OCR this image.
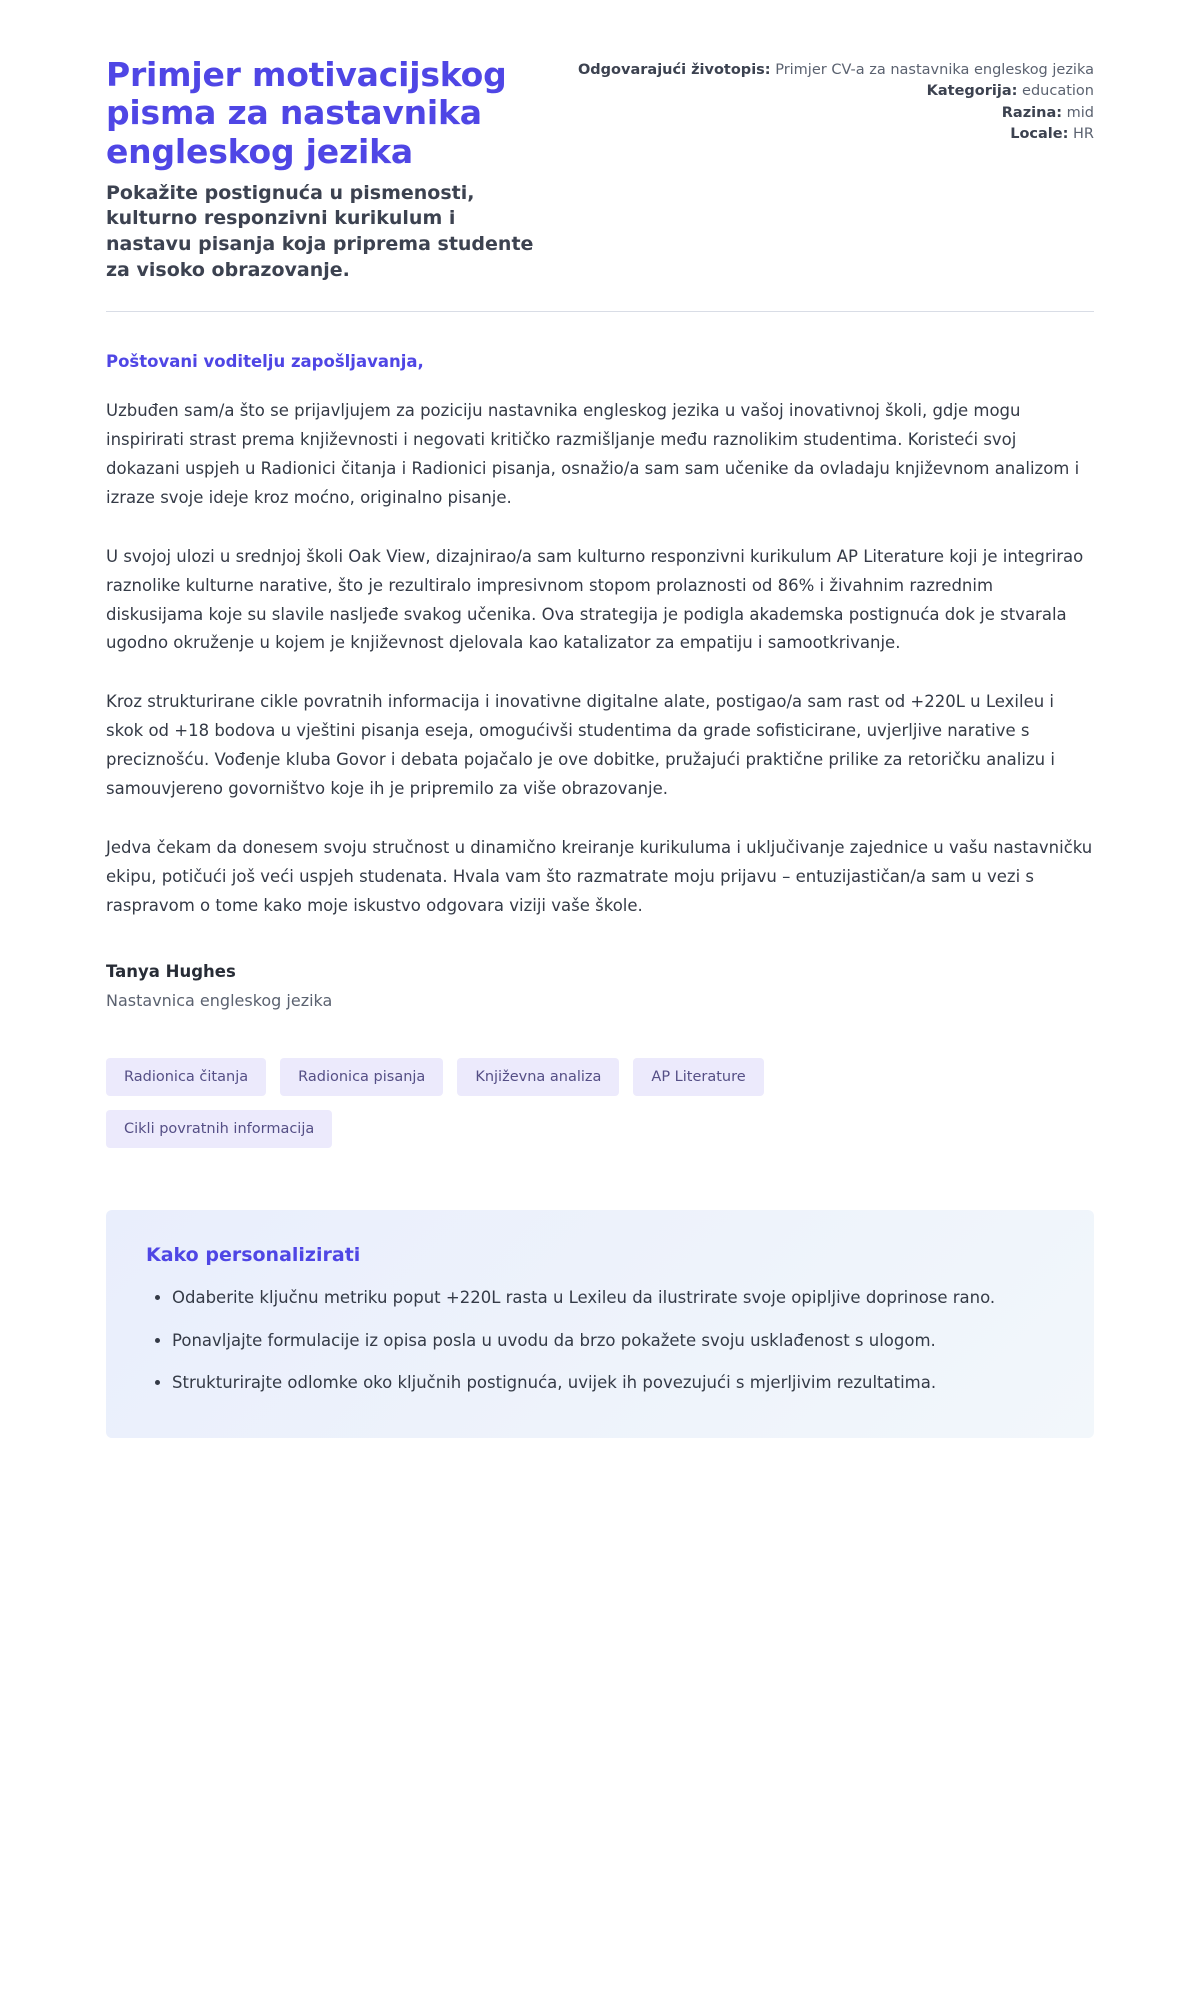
Primjer motivacijskog pisma za nastavnika engleskog jezika

Pokažite postignuća u pismenosti, kulturno responzivni kurikulum i nastavu pisanja koja priprema studente za visoko obrazovanje.

Odgovarajući životopis: Primjer CV-a za nastavnika engleskog jezika
Kategorija: education
Razina: mid
Locale: HR

Poštovani voditelju zapošljavanja,

Uzbuđen sam/a što se prijavljujem za poziciju nastavnika engleskog jezika u vašoj inovativnoj školi, gdje mogu inspirirati strast prema književnosti i negovati kritičko razmišljanje među raznolikim studentima. Koristeći svoj dokazani uspjeh u Radionici čitanja i Radionici pisanja, osnažio/a sam sam učenike da ovladaju književnom analizom i izraze svoje ideje kroz moćno, originalno pisanje.

U svojoj ulozi u srednjoj školi Oak View, dizajnirao/a sam kulturno responzivni kurikulum AP Literature koji je integrirao raznolike kulturne narative, što je rezultiralo impresivnom stopom prolaznosti od 86% i živahnim razrednim diskusijama koje su slavile nasljeđe svakog učenika. Ova strategija je podigla akademska postignuća dok je stvarala ugodno okruženje u kojem je književnost djelovala kao katalizator za empatiju i samootkrivanje.

Kroz strukturirane cikle povratnih informacija i inovativne digitalne alate, postigao/a sam rast od +220L u Lexileu i skok od +18 bodova u vještini pisanja eseja, omogućivši studentima da grade sofisticirane, uvjerljive narative s preciznošću. Vođenje kluba Govor i debata pojačalo je ove dobitke, pružajući praktične prilike za retoričku analizu i samouvjereno govorništvo koje ih je pripremilo za više obrazovanje.

Jedva čekam da donesem svoju stručnost u dinamično kreiranje kurikuluma i uključivanje zajednice u vašu nastavničku ekipu, potičući još veći uspjeh studenata. Hvala vam što razmatrate moju prijavu – entuzijastičan/a sam u vezi s raspravom o tome kako moje iskustvo odgovara viziji vaše škole.

Tanya Hughes

Nastavnica engleskog jezika

Radionica čitanja	Radionica pisanja	Književna analiza	AP Literature
Cikli povratnih informacija
Kako personalizirati
• Odaberite ključnu metriku poput +220L rasta u Lexileu da ilustrirate svoje opipljive doprinose rano.
• Ponavljajte formulacije iz opisa posla u uvodu da brzo pokažete svoju usklađenost s ulogom.
• Strukturirajte odlomke oko ključnih postignuća, uvijek ih povezujući s mjerljivim rezultatima.
